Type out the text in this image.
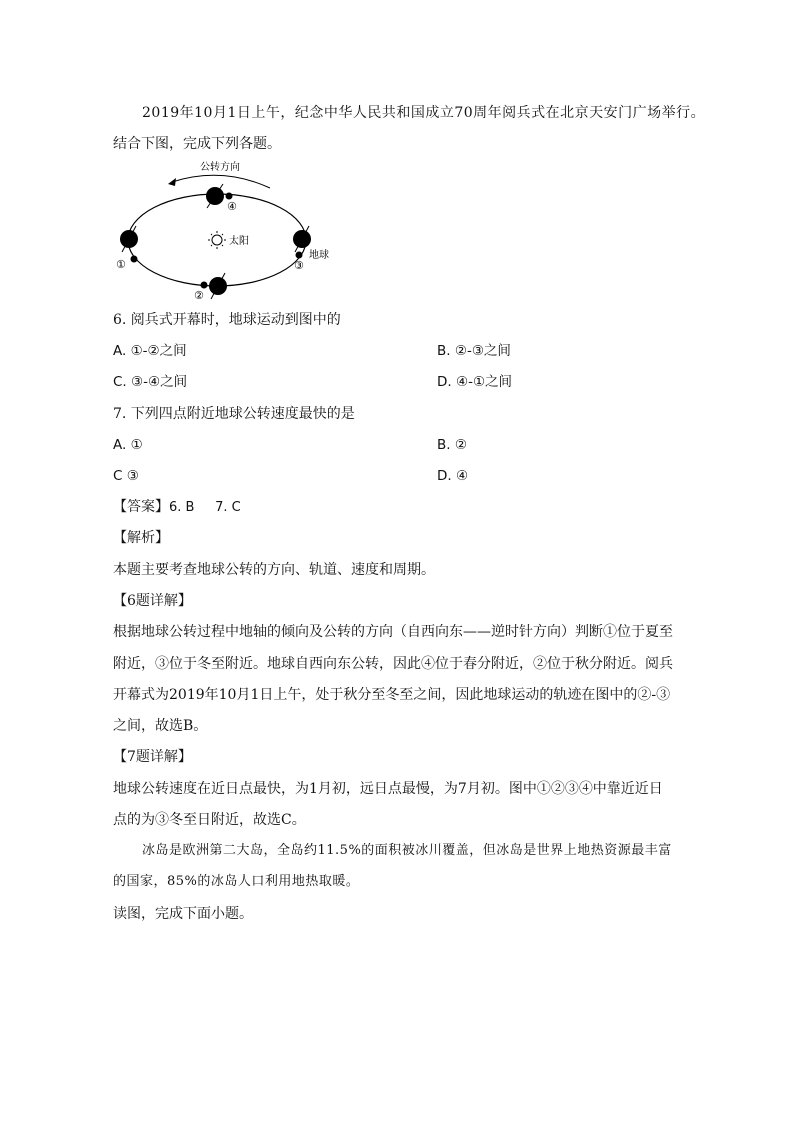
2019年10月1日上午，纪念中华人民共和国成立70周年阅兵式在北京天安门广场举行。
结合下图，完成下列各题。
公转方向
太阳
④
①	③
地球
②
6. 阅兵式开幕时，地球运动到图中的
A. ①-②之间	B. ②-③之间
C. ③-④之间	D. ④-①之间
7. 下列四点附近地球公转速度最快的是
A. ①	B. ②
C ③	D. ④
【答案】6. B     7. C
【解析】
本题主要考查地球公转的方向、轨道、速度和周期。
【6题详解】
根据地球公转过程中地轴的倾向及公转的方向（自西向东——逆时针方向）判断①位于夏至
附近，③位于冬至附近。地球自西向东公转，因此④位于春分附近，②位于秋分附近。阅兵
开幕式为2019年10月1日上午，处于秋分至冬至之间，因此地球运动的轨迹在图中的②-③
之间，故选B。
【7题详解】
地球公转速度在近日点最快，为1月初，远日点最慢，为7月初。图中①②③④中靠近近日
点的为③冬至日附近，故选C。
冰岛是欧洲第二大岛，全岛约11.5%的面积被冰川覆盖，但冰岛是世界上地热资源最丰富
的国家，85%的冰岛人口利用地热取暖。
读图，完成下面小题。
